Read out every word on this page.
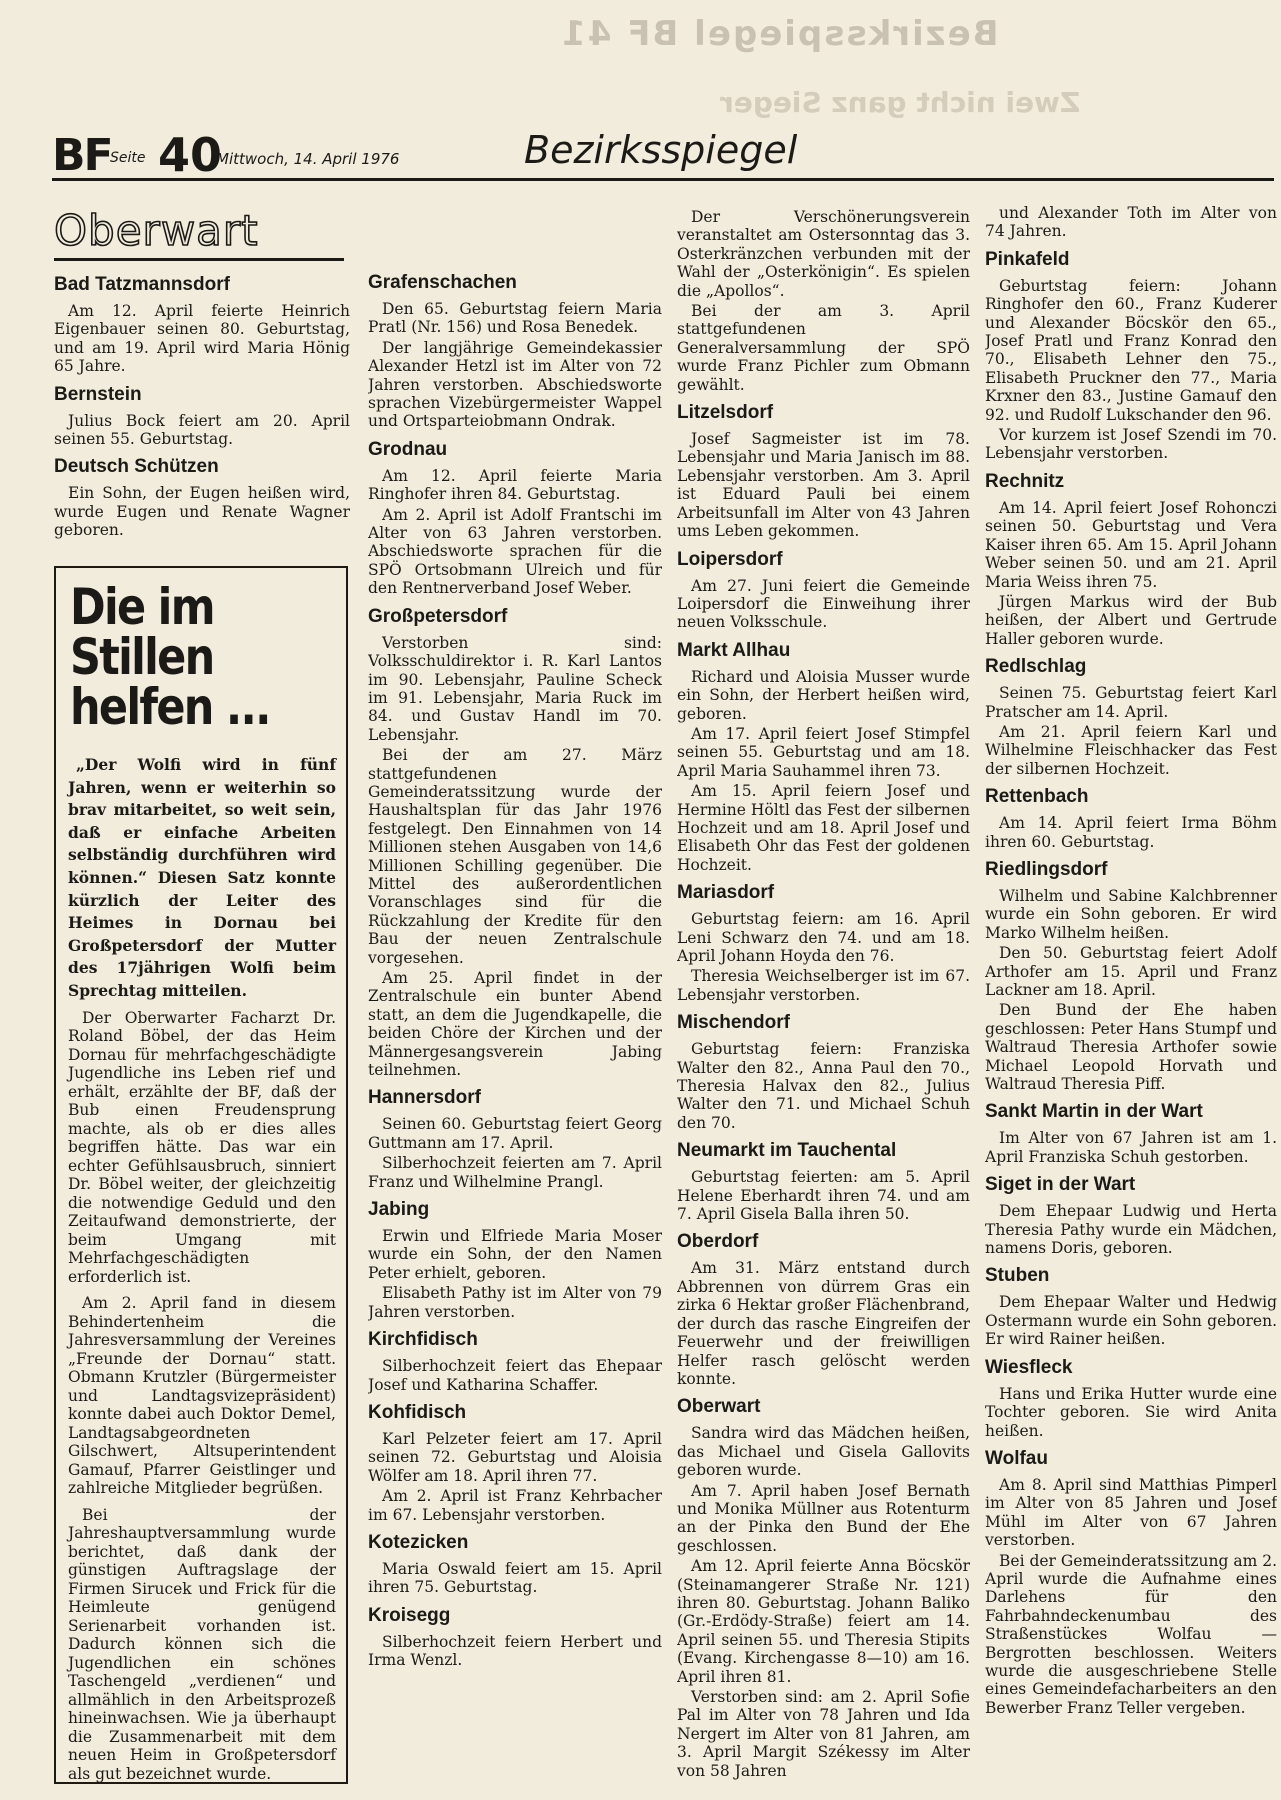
Bezirksspiegel BF 41
Zwei nicht ganz Sieger
BF
Seite 40
Mittwoch, 14. April 1976	Bezirksspiegel
Oberwart
Bad Tatzmannsdorf

Am 12. April feierte Heinrich Eigenbauer seinen 80. Geburtstag, und am 19. April wird Maria Hönig 65 Jahre.

Bernstein

Julius Bock feiert am 20. April seinen 55. Geburtstag.

Deutsch Schützen

Ein Sohn, der Eugen heißen wird, wurde Eugen und Renate Wagner geboren.

Die im Stillen
helfen ...

„Der Wolfi wird in fünf Jahren, wenn er weiterhin so brav mitarbeitet, so weit sein, daß er einfache Arbeiten selbständig durchführen wird können.“ Diesen Satz konnte kürzlich der Leiter des Heimes in Dornau bei Großpetersdorf der Mutter des 17jährigen Wolfi beim Sprechtag mitteilen.

Der Oberwarter Facharzt Dr. Roland Böbel, der das Heim Dornau für mehrfachgeschädigte Jugendliche ins Leben rief und erhält, erzählte der BF, daß der Bub einen Freudensprung machte, als ob er dies alles begriffen hätte. Das war ein echter Gefühlsausbruch, sinniert Dr. Böbel weiter, der gleichzeitig die notwendige Geduld und den Zeitaufwand demonstrierte, der beim Umgang mit Mehrfachgeschädigten erforderlich ist.

Am 2. April fand in diesem Behindertenheim die Jahresversammlung der Vereines „Freunde der Dornau“ statt. Obmann Krutzler (Bürgermeister und Landtagsvizepräsident) konnte dabei auch Doktor Demel, Landtagsabgeordneten Gilschwert, Altsuperintendent Gamauf, Pfarrer Geistlinger und zahlreiche Mitglieder begrüßen.

Bei der Jahreshauptversammlung wurde berichtet, daß dank der günstigen Auftragslage der Firmen Sirucek und Frick für die Heimleute genügend Serienarbeit vorhanden ist. Dadurch können sich die Jugendlichen ein schönes Taschengeld „verdienen“ und allmählich in den Arbeitsprozeß hineinwachsen. Wie ja überhaupt die Zusammenarbeit mit dem neuen Heim in Großpetersdorf als gut bezeichnet wurde.

Grafenschachen

Den 65. Geburtstag feiern Maria Pratl (Nr. 156) und Rosa Benedek.

Der langjährige Gemeindekassier Alexander Hetzl ist im Alter von 72 Jahren verstorben. Abschiedsworte sprachen Vizebürgermeister Wappel und Ortsparteiobmann Ondrak.

Grodnau

Am 12. April feierte Maria Ringhofer ihren 84. Geburtstag.

Am 2. April ist Adolf Frantschi im Alter von 63 Jahren verstorben. Abschiedsworte sprachen für die SPÖ Ortsobmann Ulreich und für den Rentnerverband Josef Weber.

Großpetersdorf

Verstorben sind: Volksschuldirektor i. R. Karl Lantos im 90. Lebensjahr, Pauline Scheck im 91. Lebensjahr, Maria Ruck im 84. und Gustav Handl im 70. Lebensjahr.

Bei der am 27. März stattgefundenen Gemeinderatssitzung wurde der Haushaltsplan für das Jahr 1976 festgelegt. Den Einnahmen von 14 Millionen stehen Ausgaben von 14,6 Millionen Schilling gegenüber. Die Mittel des außerordentlichen Voranschlages sind für die Rückzahlung der Kredite für den Bau der neuen Zentralschule vorgesehen.

Am 25. April findet in der Zentralschule ein bunter Abend statt, an dem die Jugendkapelle, die beiden Chöre der Kirchen und der Männergesangsverein Jabing teilnehmen.

Hannersdorf

Seinen 60. Geburtstag feiert Georg Guttmann am 17. April.

Silberhochzeit feierten am 7. April Franz und Wilhelmine Prangl.

Jabing

Erwin und Elfriede Maria Moser wurde ein Sohn, der den Namen Peter erhielt, geboren.

Elisabeth Pathy ist im Alter von 79 Jahren verstorben.

Kirchfidisch

Silberhochzeit feiert das Ehepaar Josef und Katharina Schaffer.

Kohfidisch

Karl Pelzeter feiert am 17. April seinen 72. Geburtstag und Aloisia Wölfer am 18. April ihren 77.

Am 2. April ist Franz Kehrbacher im 67. Lebensjahr verstorben.

Kotezicken

Maria Oswald feiert am 15. April ihren 75. Geburtstag.

Kroisegg

Silberhochzeit feiern Herbert und Irma Wenzl.

Der Verschönerungsverein veranstaltet am Ostersonntag das 3. Osterkränzchen verbunden mit der Wahl der „Osterkönigin“. Es spielen die „Apollos“.

Bei der am 3. April stattgefundenen Generalversammlung der SPÖ wurde Franz Pichler zum Obmann gewählt.

Litzelsdorf

Josef Sagmeister ist im 78. Lebensjahr und Maria Janisch im 88. Lebensjahr verstorben. Am 3. April ist Eduard Pauli bei einem Arbeitsunfall im Alter von 43 Jahren ums Leben gekommen.

Loipersdorf

Am 27. Juni feiert die Gemeinde Loipersdorf die Einweihung ihrer neuen Volksschule.

Markt Allhau

Richard und Aloisia Musser wurde ein Sohn, der Herbert heißen wird, geboren.

Am 17. April feiert Josef Stimpfel seinen 55. Geburtstag und am 18. April Maria Sauhammel ihren 73.

Am 15. April feiern Josef und Hermine Höltl das Fest der silbernen Hochzeit und am 18. April Josef und Elisabeth Ohr das Fest der goldenen Hochzeit.

Mariasdorf

Geburtstag feiern: am 16. April Leni Schwarz den 74. und am 18. April Johann Hoyda den 76.

Theresia Weichselberger ist im 67. Lebensjahr verstorben.

Mischendorf

Geburtstag feiern: Franziska Walter den 82., Anna Paul den 70., Theresia Halvax den 82., Julius Walter den 71. und Michael Schuh den 70.

Neumarkt im Tauchental

Geburtstag feierten: am 5. April Helene Eberhardt ihren 74. und am 7. April Gisela Balla ihren 50.

Oberdorf

Am 31. März entstand durch Abbrennen von dürrem Gras ein zirka 6 Hektar großer Flächenbrand, der durch das rasche Eingreifen der Feuerwehr und der freiwilligen Helfer rasch gelöscht werden konnte.

Oberwart

Sandra wird das Mädchen heißen, das Michael und Gisela Gallovits geboren wurde.

Am 7. April haben Josef Bernath und Monika Müllner aus Rotenturm an der Pinka den Bund der Ehe geschlossen.

Am 12. April feierte Anna Böcskör (Steinamangerer Straße Nr. 121) ihren 80. Geburtstag. Johann Baliko (Gr.-Erdödy-Straße) feiert am 14. April seinen 55. und Theresia Stipits (Evang. Kirchengasse 8—10) am 16. April ihren 81.

Verstorben sind: am 2. April Sofie Pal im Alter von 78 Jahren und Ida Nergert im Alter von 81 Jahren, am 3. April Margit Székessy im Alter von 58 Jahren

und Alexander Toth im Alter von 74 Jahren.

Pinkafeld

Geburtstag feiern: Johann Ringhofer den 60., Franz Kuderer und Alexander Böcskör den 65., Josef Pratl und Franz Konrad den 70., Elisabeth Lehner den 75., Elisabeth Pruckner den 77., Maria Krxner den 83., Justine Gamauf den 92. und Rudolf Lukschander den 96.

Vor kurzem ist Josef Szendi im 70. Lebensjahr verstorben.

Rechnitz

Am 14. April feiert Josef Rohonczi seinen 50. Geburtstag und Vera Kaiser ihren 65. Am 15. April Johann Weber seinen 50. und am 21. April Maria Weiss ihren 75.

Jürgen Markus wird der Bub heißen, der Albert und Gertrude Haller geboren wurde.

Redlschlag

Seinen 75. Geburtstag feiert Karl Pratscher am 14. April.

Am 21. April feiern Karl und Wilhelmine Fleischhacker das Fest der silbernen Hochzeit.

Rettenbach

Am 14. April feiert Irma Böhm ihren 60. Geburtstag.

Riedlingsdorf

Wilhelm und Sabine Kalchbrenner wurde ein Sohn geboren. Er wird Marko Wilhelm heißen.

Den 50. Geburtstag feiert Adolf Arthofer am 15. April und Franz Lackner am 18. April.

Den Bund der Ehe haben geschlossen: Peter Hans Stumpf und Waltraud Theresia Arthofer sowie Michael Leopold Horvath und Waltraud Theresia Piff.

Sankt Martin in der Wart

Im Alter von 67 Jahren ist am 1. April Franziska Schuh gestorben.

Siget in der Wart

Dem Ehepaar Ludwig und Herta Theresia Pathy wurde ein Mädchen, namens Doris, geboren.

Stuben

Dem Ehepaar Walter und Hedwig Ostermann wurde ein Sohn geboren. Er wird Rainer heißen.

Wiesfleck

Hans und Erika Hutter wurde eine Tochter geboren. Sie wird Anita heißen.

Wolfau

Am 8. April sind Matthias Pimperl im Alter von 85 Jahren und Josef Mühl im Alter von 67 Jahren verstorben.

Bei der Gemeinderatssitzung am 2. April wurde die Aufnahme eines Darlehens für den Fahrbahndeckenumbau des Straßenstückes Wolfau — Bergrotten beschlossen. Weiters wurde die ausgeschriebene Stelle eines Gemeindefacharbeiters an den Bewerber Franz Teller vergeben.
